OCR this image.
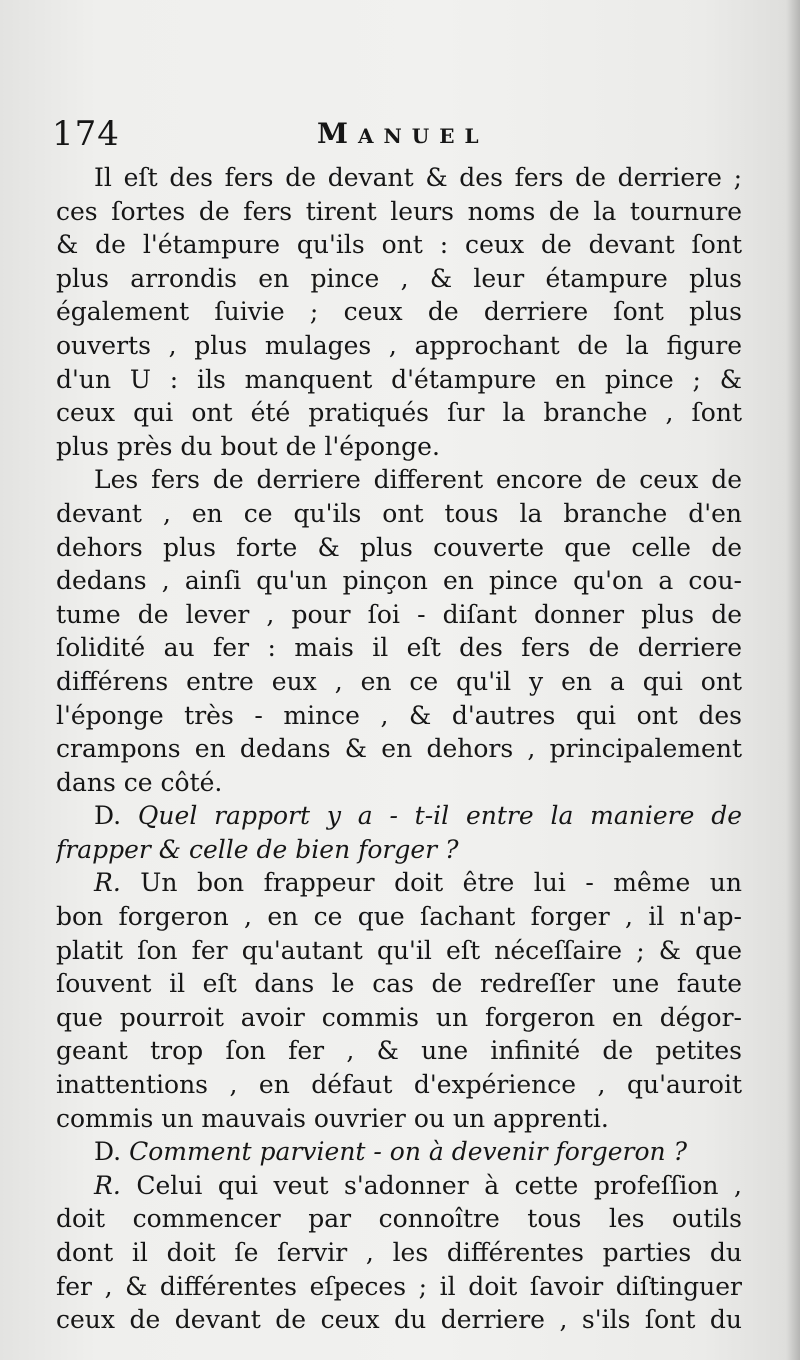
174	Manuel
Il eſt des fers de devant & des fers de derriere ;
ces ſortes de fers tirent leurs noms de la tournure
& de l'étampure qu'ils ont : ceux de devant ſont
plus arrondis en pince , & leur étampure plus
également ſuivie ; ceux de derriere ſont plus
ouverts , plus mulages , approchant de la figure
d'un U : ils manquent d'étampure en pince ; &
ceux qui ont été pratiqués ſur la branche , ſont
plus près du bout de l'éponge.
Les fers de derriere different encore de ceux de
devant , en ce qu'ils ont tous la branche d'en
dehors plus forte & plus couverte que celle de
dedans , ainſi qu'un pinçon en pince qu'on a cou-
tume de lever , pour ſoi - diſant donner plus de
ſolidité au fer : mais il eſt des fers de derriere
différens entre eux , en ce qu'il y en a qui ont
l'éponge très - mince , & d'autres qui ont des
crampons en dedans & en dehors , principalement
dans ce côté.
D. Quel rapport y a - t-il entre la maniere de
frapper & celle de bien forger ?
R. Un bon frappeur doit être lui - même un
bon forgeron , en ce que ſachant forger , il n'ap-
platit ſon fer qu'autant qu'il eſt néceſſaire ; & que
ſouvent il eſt dans le cas de redreſſer une faute
que pourroit avoir commis un forgeron en dégor-
geant trop ſon fer , & une infinité de petites
inattentions , en défaut d'expérience , qu'auroit
commis un mauvais ouvrier ou un apprenti.
D. Comment parvient - on à devenir forgeron ?
R. Celui qui veut s'adonner à cette profeſſion ,
doit commencer par connoître tous les outils
dont il doit ſe ſervir , les différentes parties du
fer , & différentes eſpeces ; il doit ſavoir diſtinguer
ceux de devant de ceux du derriere , s'ils ſont du
